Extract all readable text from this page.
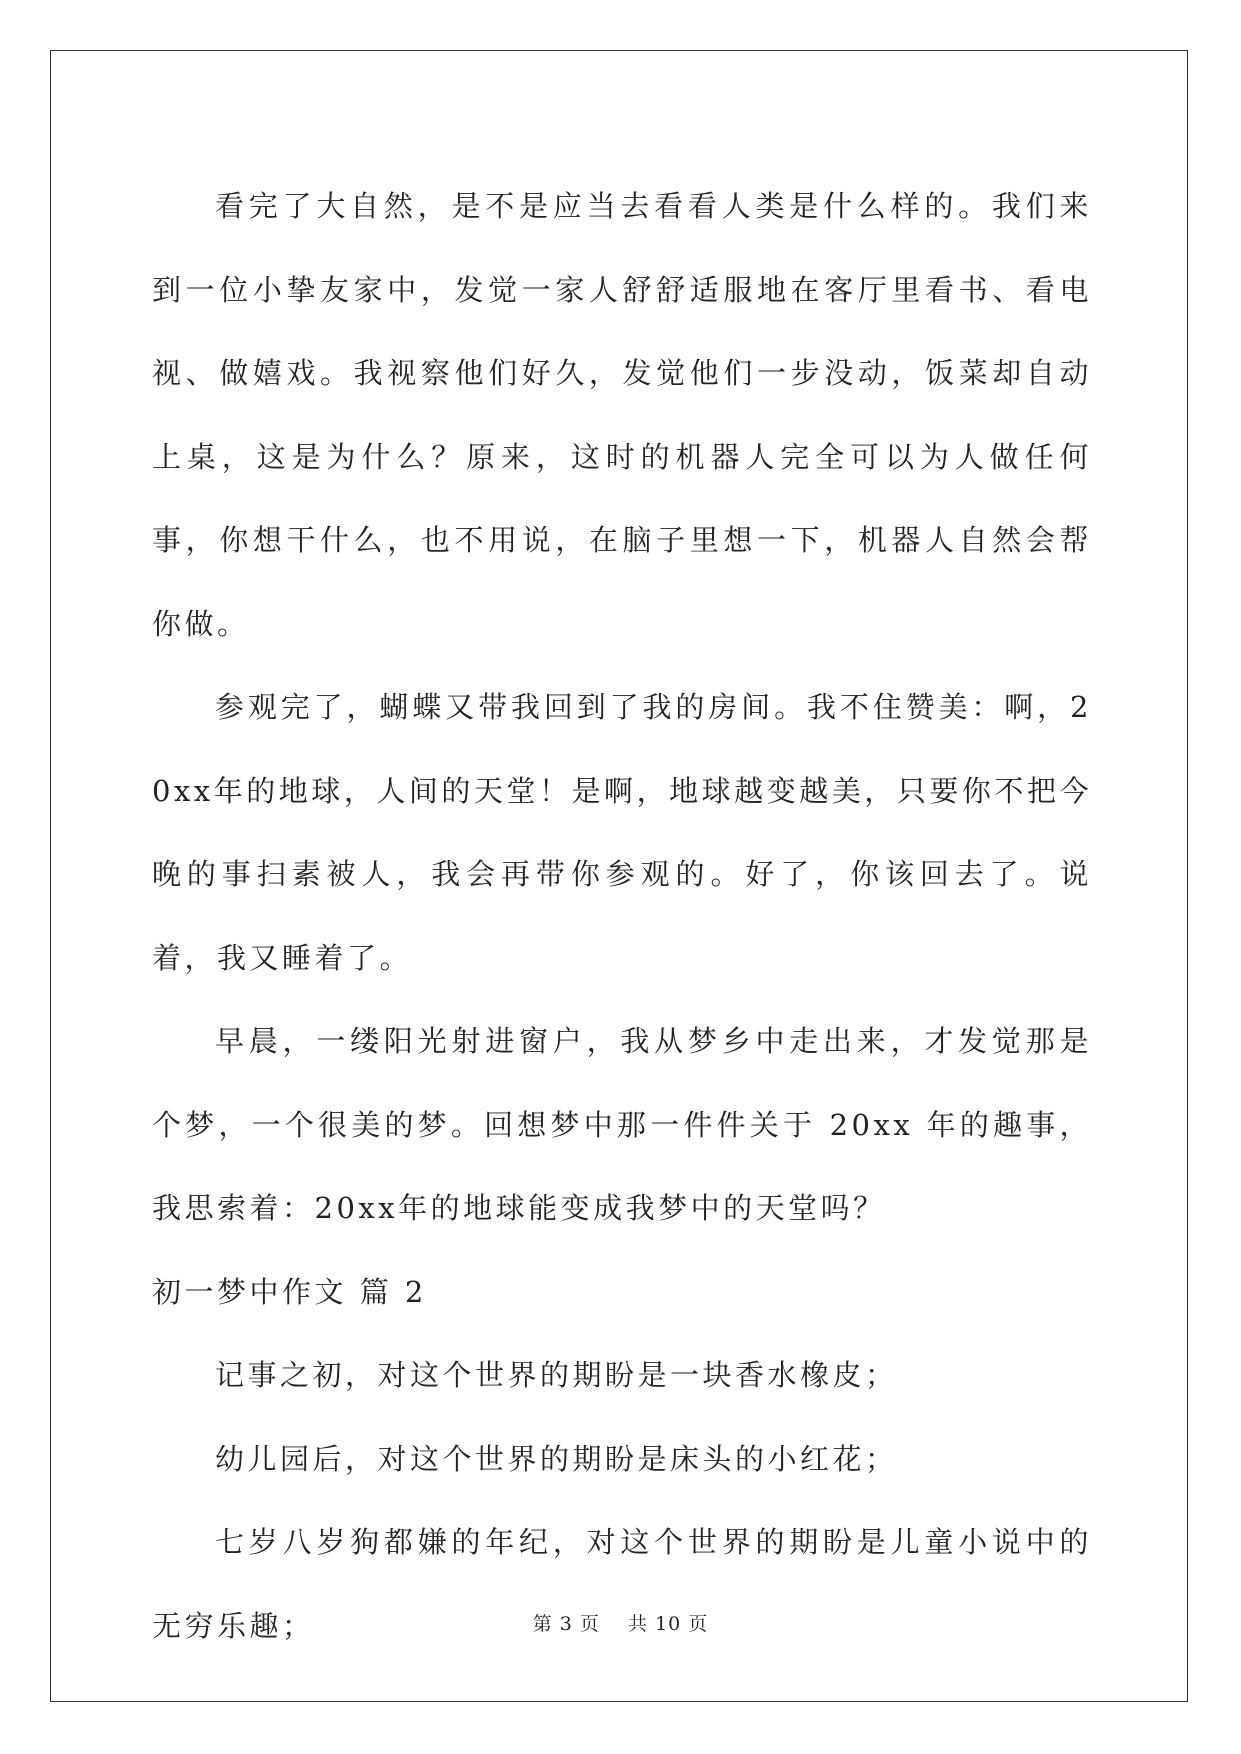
看完了大自然，是不是应当去看看人类是什么样的。我们来到一位小挚友家中，发觉一家人舒舒适服地在客厅里看书、看电视、做嬉戏。我视察他们好久，发觉他们一步没动，饭菜却自动上桌，这是为什么？原来，这时的机器人完全可以为人做任何事，你想干什么，也不用说，在脑子里想一下，机器人自然会帮你做。

参观完了，蝴蝶又带我回到了我的房间。我不住赞美：啊，20xx年的地球，人间的天堂！是啊，地球越变越美，只要你不把今晚的事扫素被人，我会再带你参观的。好了，你该回去了。说着，我又睡着了。

早晨，一缕阳光射进窗户，我从梦乡中走出来，才发觉那是个梦，一个很美的梦。回想梦中那一件件关于 20xx 年的趣事，我思索着：20xx年的地球能变成我梦中的天堂吗？

初一梦中作文 篇 2

记事之初，对这个世界的期盼是一块香水橡皮；

幼儿园后，对这个世界的期盼是床头的小红花；

七岁八岁狗都嫌的年纪，对这个世界的期盼是儿童小说中的无穷乐趣；	第 3 页 共 10 页
